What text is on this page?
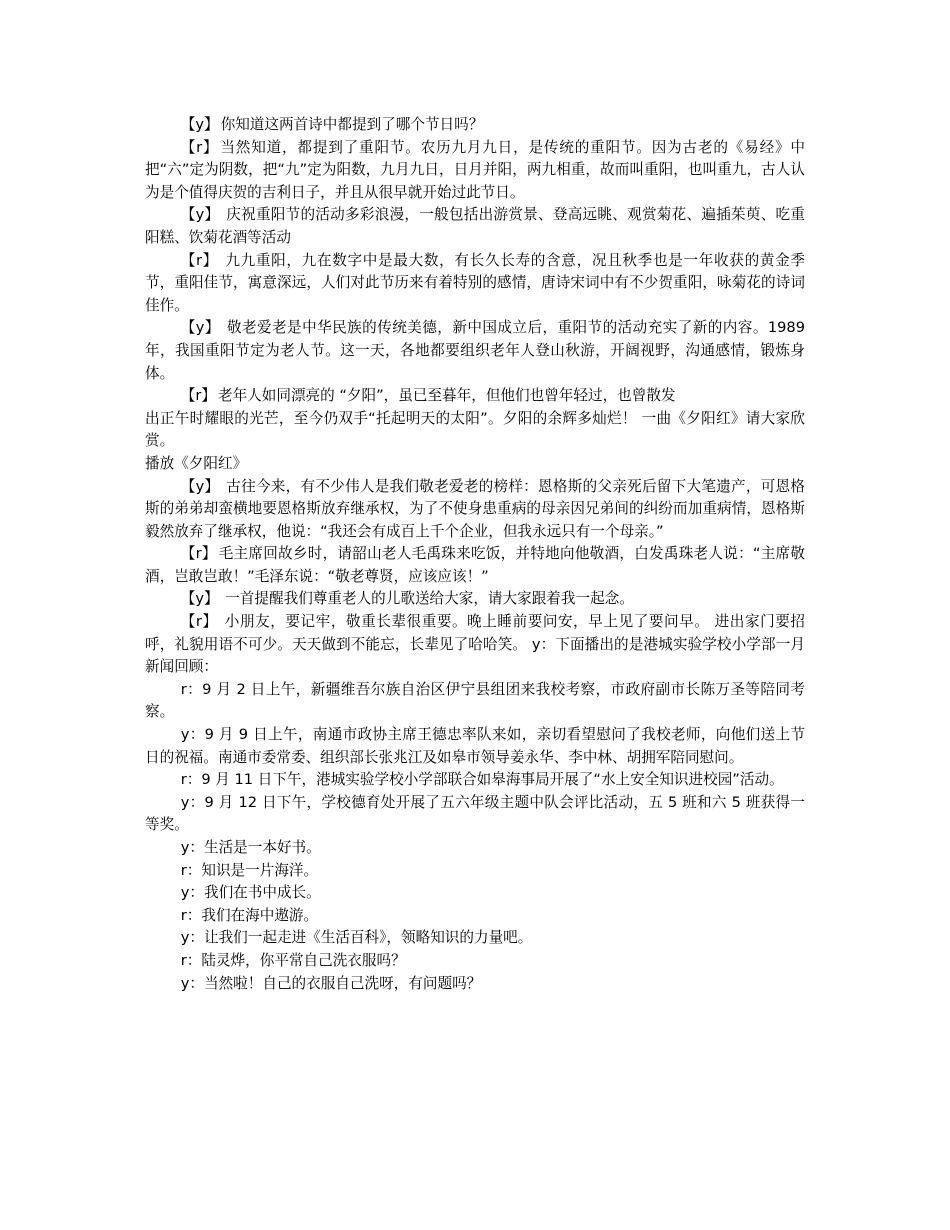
【y】 你知道这两首诗中都提到了哪个节日吗？

【r】 当然知道，都提到了重阳节。农历九月九日，是传统的重阳节。因为古老的《易经》中把“六”定为阴数，把“九”定为阳数，九月九日，日月并阳，两九相重，故而叫重阳，也叫重九，古人认为是个值得庆贺的吉利日子，并且从很早就开始过此节日。

【y】 庆祝重阳节的活动多彩浪漫，一般包括出游赏景、登高远眺、观赏菊花、遍插茱萸、吃重阳糕、饮菊花酒等活动

【r】 九九重阳，九在数字中是最大数，有长久长寿的含意，况且秋季也是一年收获的黄金季节，重阳佳节，寓意深远，人们对此节历来有着特别的感情，唐诗宋词中有不少贺重阳，咏菊花的诗词佳作。

【y】 敬老爱老是中华民族的传统美德，新中国成立后，重阳节的活动充实了新的内容。1989 年，我国重阳节定为老人节。这一天，各地都要组织老年人登山秋游，开阔视野，沟通感情，锻炼身体。

【r】 老年人如同漂亮的 “夕阳”，虽已至暮年，但他们也曾年轻过，也曾散发

出正午时耀眼的光芒，至今仍双手“托起明天的太阳”。夕阳的余辉多灿烂！ 一曲《夕阳红》请大家欣赏。

播放《夕阳红》

【y】 古往今来，有不少伟人是我们敬老爱老的榜样：恩格斯的父亲死后留下大笔遗产，可恩格斯的弟弟却蛮横地要恩格斯放弃继承权，为了不使身患重病的母亲因兄弟间的纠纷而加重病情，恩格斯毅然放弃了继承权，他说：“我还会有成百上千个企业，但我永远只有一个母亲。”

【r】 毛主席回故乡时，请韶山老人毛禹珠来吃饭，并特地向他敬酒，白发禹珠老人说：“主席敬酒，岂敢岂敢！”毛泽东说：“敬老尊贤，应该应该！”

【y】 一首提醒我们尊重老人的儿歌送给大家，请大家跟着我一起念。

【r】 小朋友，要记牢，敬重长辈很重要。晚上睡前要问安，早上见了要问早。 进出家门要招呼，礼貌用语不可少。天天做到不能忘，长辈见了哈哈笑。 y：下面播出的是港城实验学校小学部一月新闻回顾：

r：9 月 2 日上午，新疆维吾尔族自治区伊宁县组团来我校考察，市政府副市长陈万圣等陪同考察。

y：9 月 9 日上午，南通市政协主席王德忠率队来如，亲切看望慰问了我校老师，向他们送上节日的祝福。南通市委常委、组织部长张兆江及如皋市领导姜永华、李中林、胡拥军陪同慰问。

r：9 月 11 日下午，港城实验学校小学部联合如皋海事局开展了“水上安全知识进校园”活动。

y：9 月 12 日下午，学校德育处开展了五六年级主题中队会评比活动，五 5 班和六 5 班获得一等奖。

y：生活是一本好书。

r：知识是一片海洋。

y：我们在书中成长。

r：我们在海中遨游。

y：让我们一起走进《生活百科》，领略知识的力量吧。

r：陆灵烨，你平常自己洗衣服吗？

y：当然啦！自己的衣服自己洗呀，有问题吗？
